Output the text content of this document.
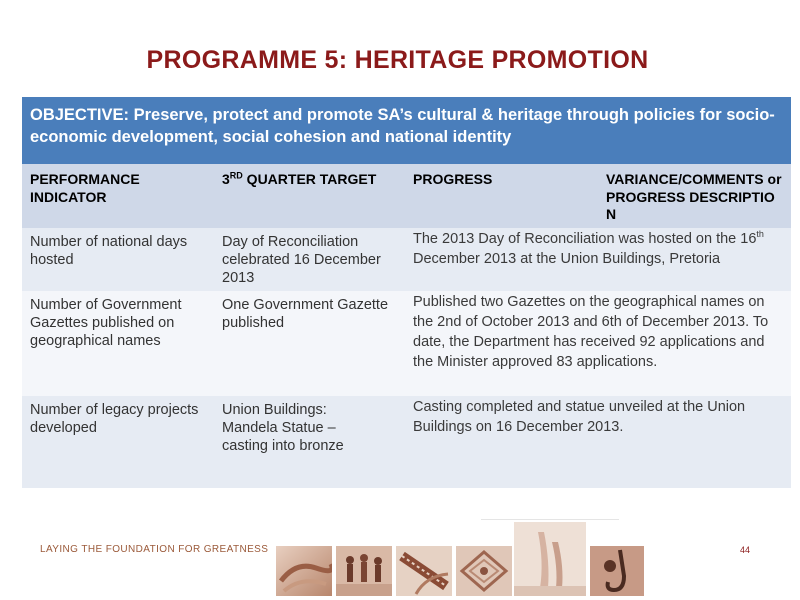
PROGRAMME 5: HERITAGE PROMOTION
OBJECTIVE: Preserve, protect and promote SA’s cultural & heritage through policies for socio-economic development, social cohesion and national identity			
PERFORMANCE INDICATOR	3RD QUARTER TARGET	PROGRESS	VARIANCE/COMMENTS or PROGRESS DESCRIPTION
Number of national days hosted	Day of Reconciliation celebrated 16 December 2013	The 2013 Day of Reconciliation was hosted on the 16th December 2013 at the Union Buildings, Pretoria	
Number of Government Gazettes published on geographical names	One Government Gazette published	Published two Gazettes on the geographical names on the 2nd of October 2013 and 6th of December 2013. To date, the Department has received 92 applications and the Minister approved 83 applications.	
Number of legacy projects developed	Union Buildings: Mandela Statue – casting into bronze	Casting completed and statue unveiled at the Union Buildings on 16 December 2013.	
LAYING THE FOUNDATION FOR GREATNESS	44
